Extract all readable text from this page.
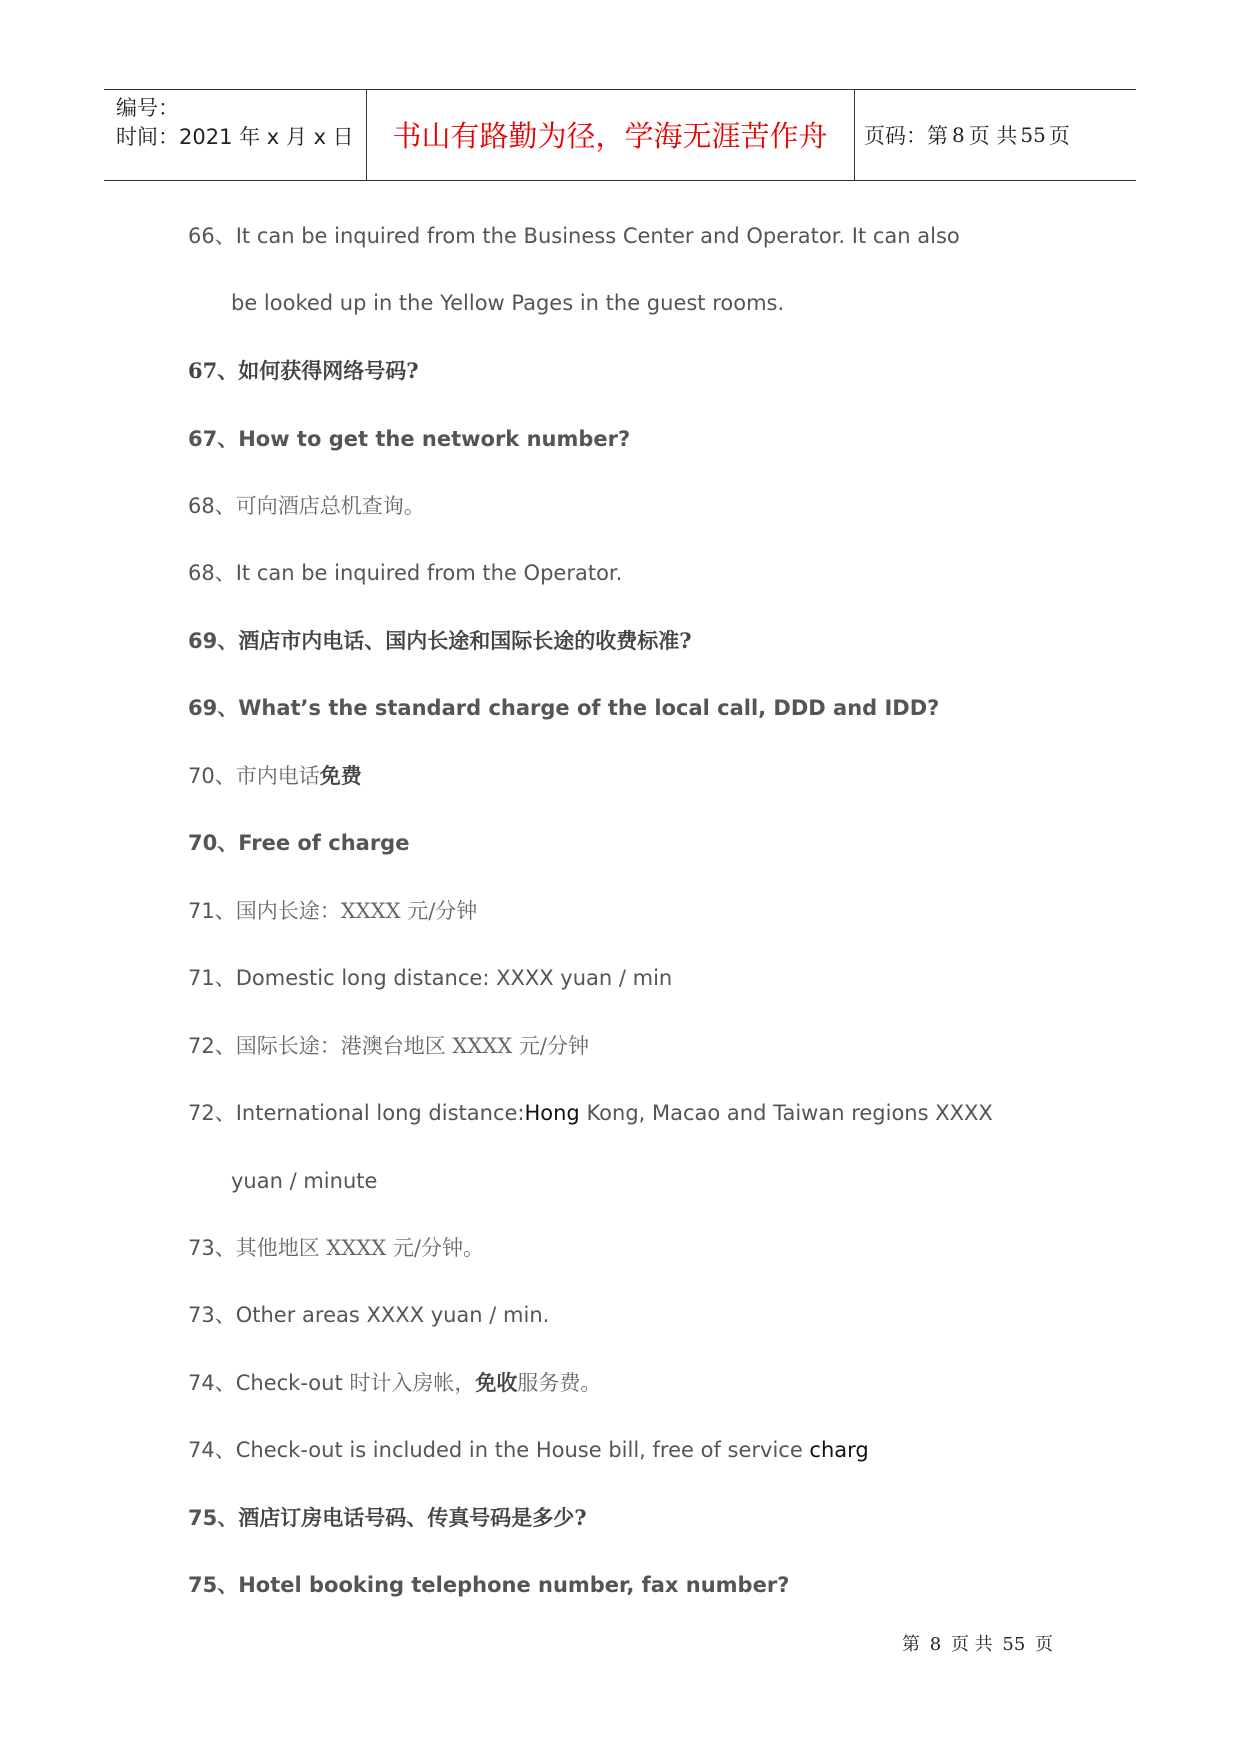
编号：
时间：2021 年 x 月 x 日	书山有路勤为径，学海无涯苦作舟	页码：第 8 页 共 55 页
66、It can be inquired from the Business Center and Operator. It can also
be looked up in the Yellow Pages in the guest rooms.
67、如何获得网络号码?
67、How to get the network number?
68、可向酒店总机查询。
68、It can be inquired from the Operator.
69、酒店市内电话、国内长途和国际长途的收费标准?
69、What’s the standard charge of the local call, DDD and IDD?
70、市内电话免费
70、Free of charge
71、国内长途：XXXX 元/分钟
71、Domestic long distance: XXXX yuan / min
72、国际长途：港澳台地区 XXXX 元/分钟
72、International long distance:Hong Kong, Macao and Taiwan regions XXXX
yuan / minute
73、其他地区 XXXX 元/分钟。
73、Other areas XXXX yuan / min.
74、Check-out 时计入房帐，免收服务费。
74、Check-out is included in the House bill, free of service charg
75、酒店订房电话号码、传真号码是多少?
75、Hotel booking telephone number, fax number?
第 8 页 共 55 页
